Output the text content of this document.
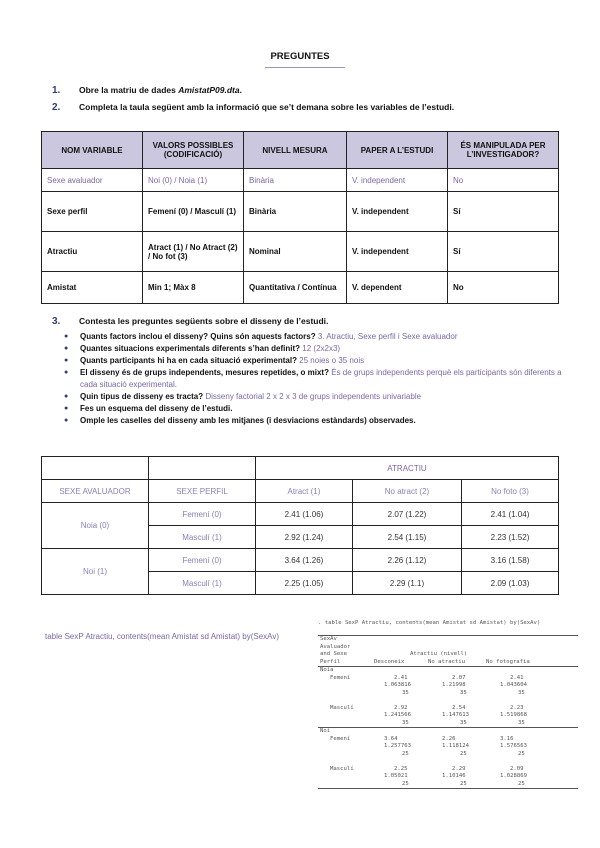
PREGUNTES
1. Obre la matriu de dades AmistatP09.dta.
2. Completa la taula següent amb la informació que se’t demana sobre les variables de l’estudi.
NOM VARIABLE	VALORS POSSIBLES (CODIFICACIÓ)	NIVELL MESURA	PAPER A L’ESTUDI	ÉS MANIPULADA PER L’INVESTIGADOR?
Sexe avaluador	Noi (0) / Noia (1)	Binària	V. independent	No
Sexe perfil	Femení (0) / Masculí (1)	Binària	V. independent	Sí
Atractiu	Atract (1) / No Atract (2) / No fot (3)	Nominal	V. independent	Sí
Amistat	Min 1; Màx 8	Quantitativa / Contínua	V. dependent	No
3. Contesta les preguntes següents sobre el disseny de l’estudi.
● Quants factors inclou el disseny? Quins són aquests factors? 3. Atractiu, Sexe perfil i Sexe avaluador
● Quantes situacions experimentals diferents s’han definit? 12 (2x2x3)
● Quants participants hi ha en cada situació experimental? 25 noies o 35 nois
● El disseny és de grups independents, mesures repetides, o mixt? És de grups independents perquè els participants són diferents a cada situació experimental.
● Quin tipus de disseny es tracta? Disseny factorial 2 x 2 x 3 de grups independents univariable
● Fes un esquema del disseny de l’estudi.
● Omple les caselles del disseny amb les mitjanes (i desviacions estàndards) observades.
		ATRACTIU		
SEXE AVALUADOR	SEXE PERFIL	Atract (1)	No atract (2)	No foto (3)
Noia (0)	Femení (0)	2.41 (1.06)	2.07 (1.22)	2.41 (1.04)
	Masculí (1)	2.92 (1.24)	2.54 (1.15)	2.23 (1.52)
Noi (1)	Femení (0)	3.64 (1.26)	2.26 (1.12)	3.16 (1.58)
	Masculí (1)	2.25 (1.05)	2.29 (1.1)	2.09 (1.03)
table SexP Atractiu, contents(mean Amistat sd Amistat) by(SexAv)
. table SexP Atractiu, contents(mean Amistat sd Amistat) by(SexAv)
SexAv
Avaluador
and Sexe	Atractiu (nivell)
Perfil	Desconeix	No atractiu	No fotografia
Noia
Femení	2.41	2.07	2.41
1.063816	1.21998	1.043604
35	35	35
Masculí	2.92	2.54	2.23
1.241566	1.147613	1.519868
35	35	35
Noi
Femení	3.64	2.26	3.16
1.257763	1.118124	1.576563
25	25	25
Masculí	2.25	2.29	2.09
1.05021	1.10146	1.028869
25	25	25
